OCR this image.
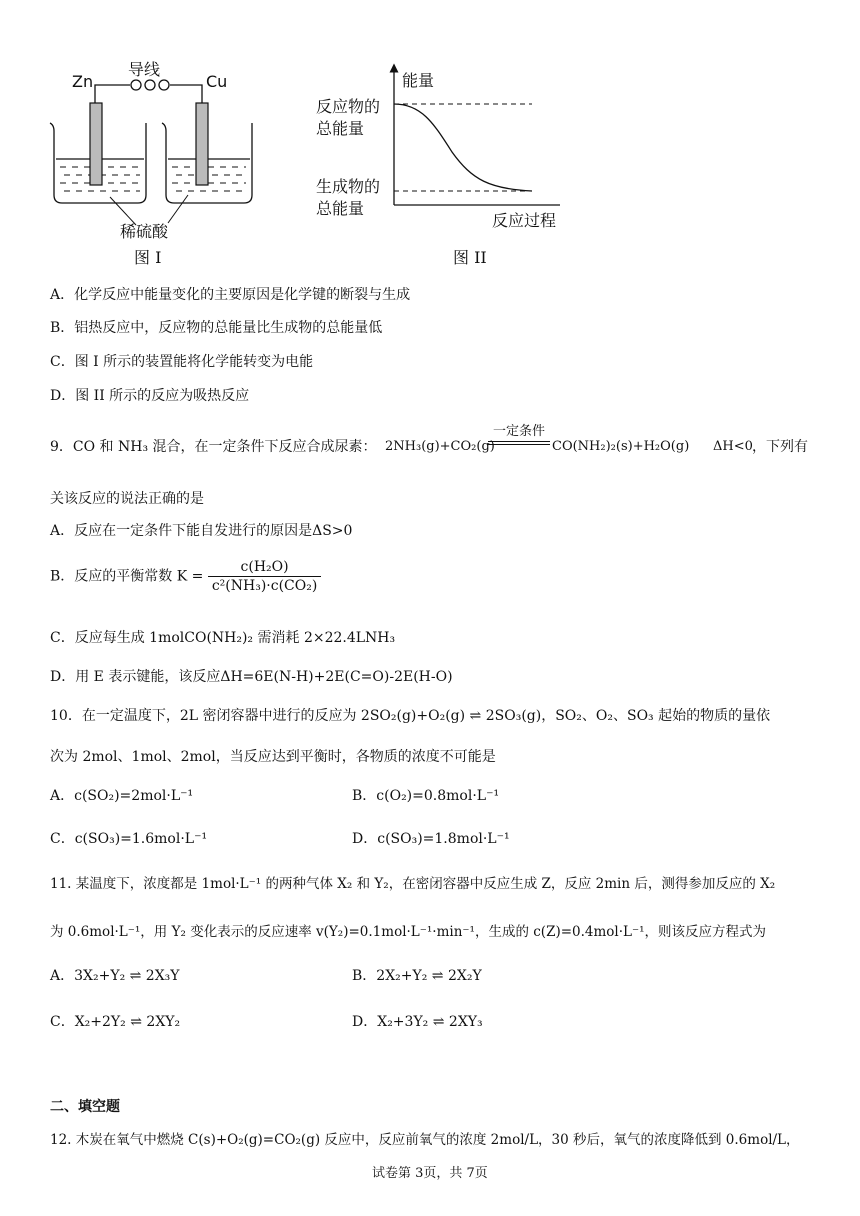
Zn
导线
Cu
稀硫酸
图 I
能量
反应物的
总能量
生成物的
总能量
反应过程
图 II
A．化学反应中能量变化的主要原因是化学键的断裂与生成
B．铝热反应中，反应物的总能量比生成物的总能量低
C．图 I 所示的装置能将化学能转变为电能
D．图 II 所示的反应为吸热反应
9．CO 和 NH₃ 混合，在一定条件下反应合成尿素： 2NH₃(g)+CO₂(g)
一定条件
CO(NH₂)₂(s)+H₂O(g) ΔH<0 ，下列有
关该反应的说法正确的是
A．反应在一定条件下能自发进行的原因是ΔS>0
B．反应的平衡常数 $K = \frac{\text{c(H₂O)}}{\text{c²(NH₃)·c(CO₂)}}$
C．反应每生成 1molCO(NH₂)₂ 需消耗 2×22.4LNH₃
D．用 E 表示键能，该反应ΔH=6E(N-H)+2E(C=O)-2E(H-O)
10．在一定温度下，2L 密闭容器中进行的反应为 2SO₂(g)+O₂(g) ⇌ 2SO₃(g)，SO₂、O₂、SO₃ 起始的物质的量依
次为 2mol、1mol、2mol，当反应达到平衡时，各物质的浓度不可能是
A．c(SO₂)=2mol·L⁻¹	B．c(O₂)=0.8mol·L⁻¹
C．c(SO₃)=1.6mol·L⁻¹	D．c(SO₃)=1.8mol·L⁻¹
11. 某温度下，浓度都是 1mol·L⁻¹ 的两种气体 X₂ 和 Y₂，在密闭容器中反应生成 Z，反应 2min 后，测得参加反应的 X₂
为 0.6mol·L⁻¹，用 Y₂ 变化表示的反应速率 v(Y₂)=0.1mol·L⁻¹·min⁻¹，生成的 c(Z)=0.4mol·L⁻¹，则该反应方程式为
A．3X₂+Y₂ ⇌ 2X₃Y	B．2X₂+Y₂ ⇌ 2X₂Y
C．X₂+2Y₂ ⇌ 2XY₂	D．X₂+3Y₂ ⇌ 2XY₃
二、填空题
12. 木炭在氧气中燃烧 C(s)+O₂(g)=CO₂(g) 反应中，反应前氧气的浓度 2mol/L，30 秒后，氧气的浓度降低到 0.6mol/L，
试卷第 3页，共 7页
